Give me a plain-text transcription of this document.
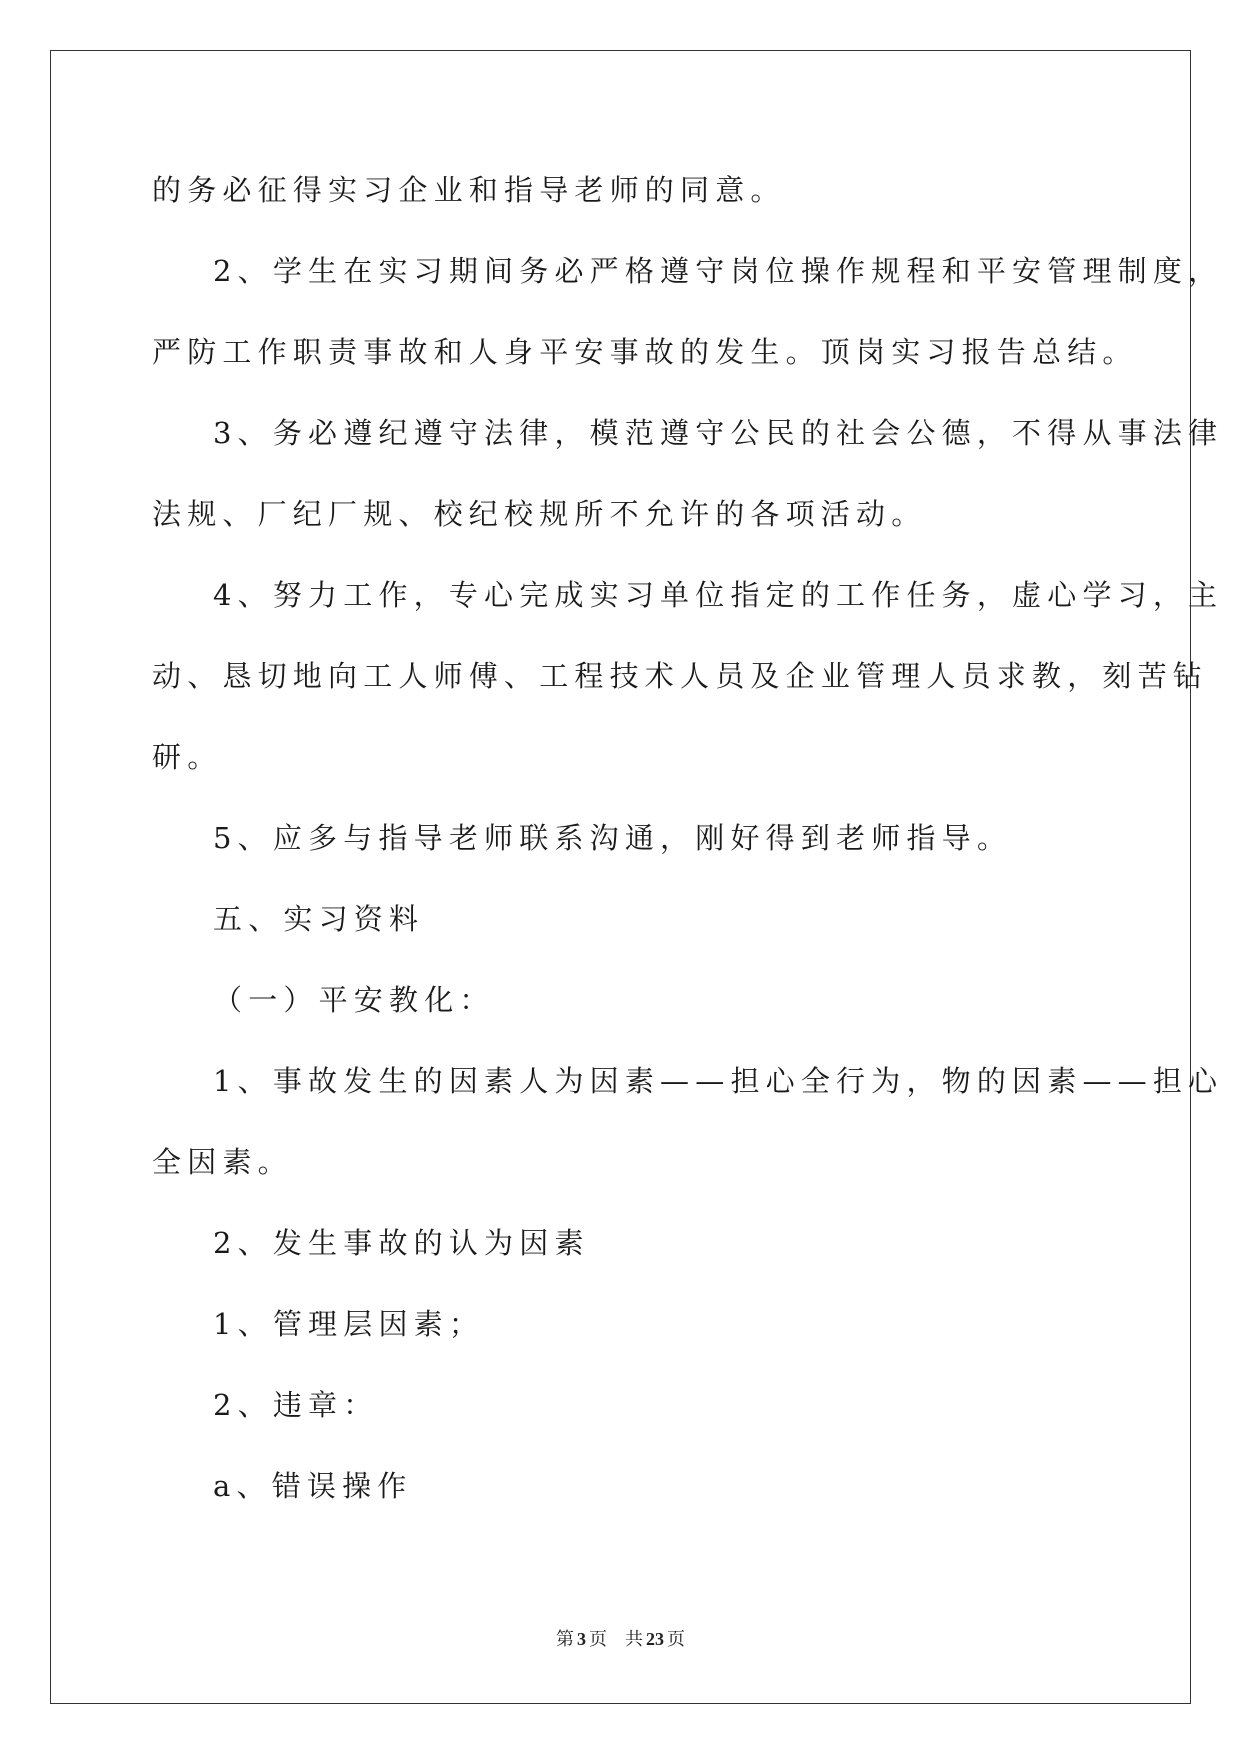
的务必征得实习企业和指导老师的同意。
2、学生在实习期间务必严格遵守岗位操作规程和平安管理制度，
严防工作职责事故和人身平安事故的发生。顶岗实习报告总结。
3、务必遵纪遵守法律，模范遵守公民的社会公德，不得从事法律
法规、厂纪厂规、校纪校规所不允许的各项活动。
4、努力工作，专心完成实习单位指定的工作任务，虚心学习，主
动、恳切地向工人师傅、工程技术人员及企业管理人员求教，刻苦钻
研。
5、应多与指导老师联系沟通，刚好得到老师指导。
五、实习资料
（一）平安教化：
1、事故发生的因素人为因素——担心全行为，物的因素——担心
全因素。
2、发生事故的认为因素
1、管理层因素；
2、违章：
a、错误操作
第 3 页 共 23 页
